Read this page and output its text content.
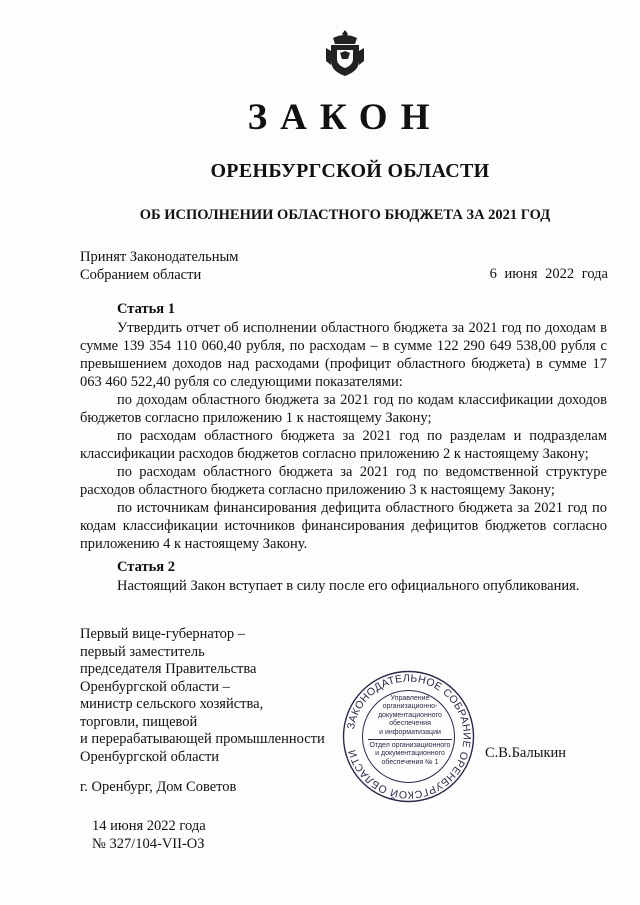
ЗАКОН
ОРЕНБУРГСКОЙ ОБЛАСТИ
ОБ ИСПОЛНЕНИИ ОБЛАСТНОГО БЮДЖЕТА ЗА 2021 ГОД
Принят Законодательным
Собранием области	6 июня 2022 года
Статья 1

Утвердить отчет об исполнении областного бюджета за 2021 год по доходам в сумме 139 354 110 060,40 рубля, по расходам – в сумме 122 290 649 538,00 рубля с превышением доходов над расходами (профицит областного бюджета) в сумме 17 063 460 522,40 рубля со следующими показателями:

по доходам областного бюджета за 2021 год по кодам классификации доходов бюджетов согласно приложению 1 к настоящему Закону;

по расходам областного бюджета за 2021 год по разделам и подразделам классификации расходов бюджетов согласно приложению 2 к настоящему Закону;

по расходам областного бюджета за 2021 год по ведомственной структуре расходов областного бюджета согласно приложению 3 к настоящему Закону;

по источникам финансирования дефицита областного бюджета за 2021 год по кодам классификации источников финансирования дефицитов бюджетов согласно приложению 4 к настоящему Закону.

Статья 2

Настоящий Закон вступает в силу после его официального опубликования.

Первый вице-губернатор –
первый заместитель
председателя Правительства
Оренбургской области –
министр сельского хозяйства,
торговли, пищевой
и перерабатывающей промышленности
Оренбургской области	С.В.Балыкин
г. Оренбург, Дом Советов
14 июня 2022 года
№ 327/104-VII-ОЗ
ЗАКОНОДАТЕЛЬНОЕ СОБРАНИЕ ОРЕНБУРГСКОЙ ОБЛАСТИ
Управление
организационно-
документационного
обеспечения
и информатизации
Отдел организационного
и документационного
обеспечения № 1
